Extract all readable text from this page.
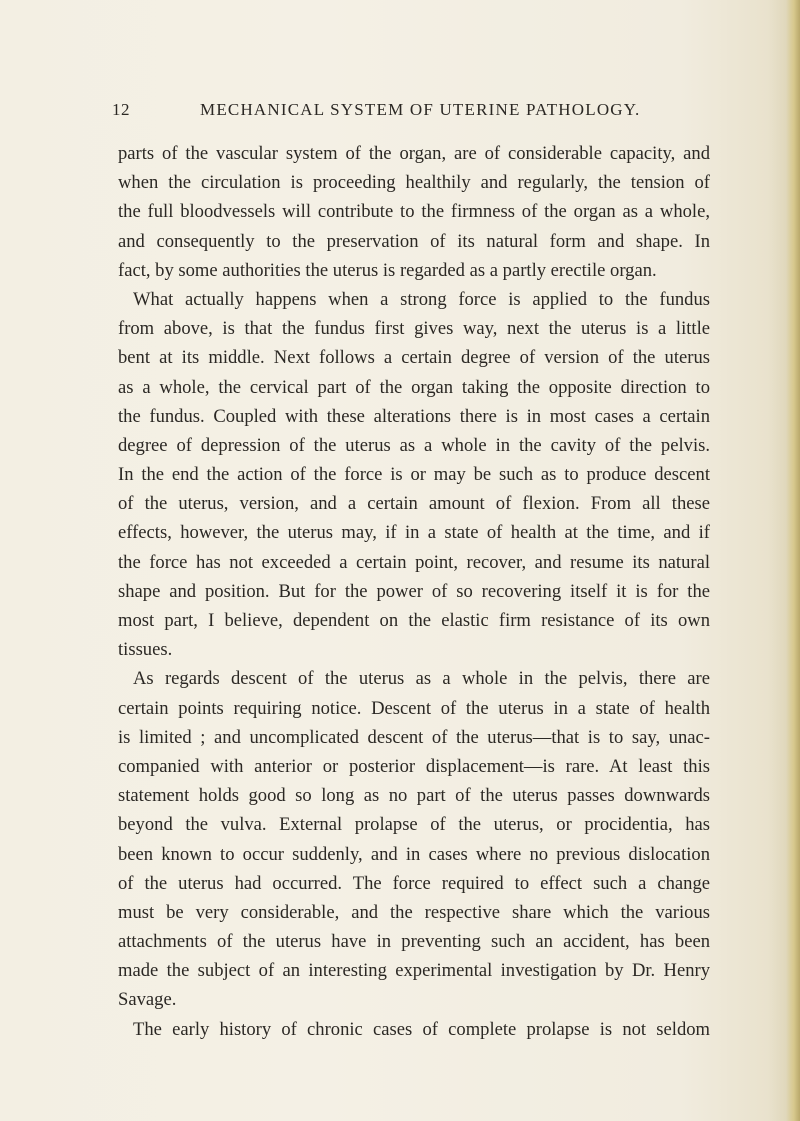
12	MECHANICAL SYSTEM OF UTERINE PATHOLOGY.
parts of the vascular system of the organ, are of considerable capacity, and
when the circulation is proceeding healthily and regularly, the tension of
the full bloodvessels will contribute to the firmness of the organ as a whole,
and consequently to the preservation of its natural form and shape. In
fact, by some authorities the uterus is regarded as a partly erectile organ.
What actually happens when a strong force is applied to the fundus
from above, is that the fundus first gives way, next the uterus is a little
bent at its middle. Next follows a certain degree of version of the uterus
as a whole, the cervical part of the organ taking the opposite direction to
the fundus. Coupled with these alterations there is in most cases a certain
degree of depression of the uterus as a whole in the cavity of the pelvis.
In the end the action of the force is or may be such as to produce descent
of the uterus, version, and a certain amount of flexion. From all these
effects, however, the uterus may, if in a state of health at the time, and if
the force has not exceeded a certain point, recover, and resume its natural
shape and position. But for the power of so recovering itself it is for the
most part, I believe, dependent on the elastic firm resistance of its own
tissues.
As regards descent of the uterus as a whole in the pelvis, there are
certain points requiring notice. Descent of the uterus in a state of health
is limited ; and uncomplicated descent of the uterus—that is to say, unac-
companied with anterior or posterior displacement—is rare. At least this
statement holds good so long as no part of the uterus passes downwards
beyond the vulva. External prolapse of the uterus, or procidentia, has
been known to occur suddenly, and in cases where no previous dislocation
of the uterus had occurred. The force required to effect such a change
must be very considerable, and the respective share which the various
attachments of the uterus have in preventing such an accident, has been
made the subject of an interesting experimental investigation by Dr. Henry
Savage.
The early history of chronic cases of complete prolapse is not seldom
